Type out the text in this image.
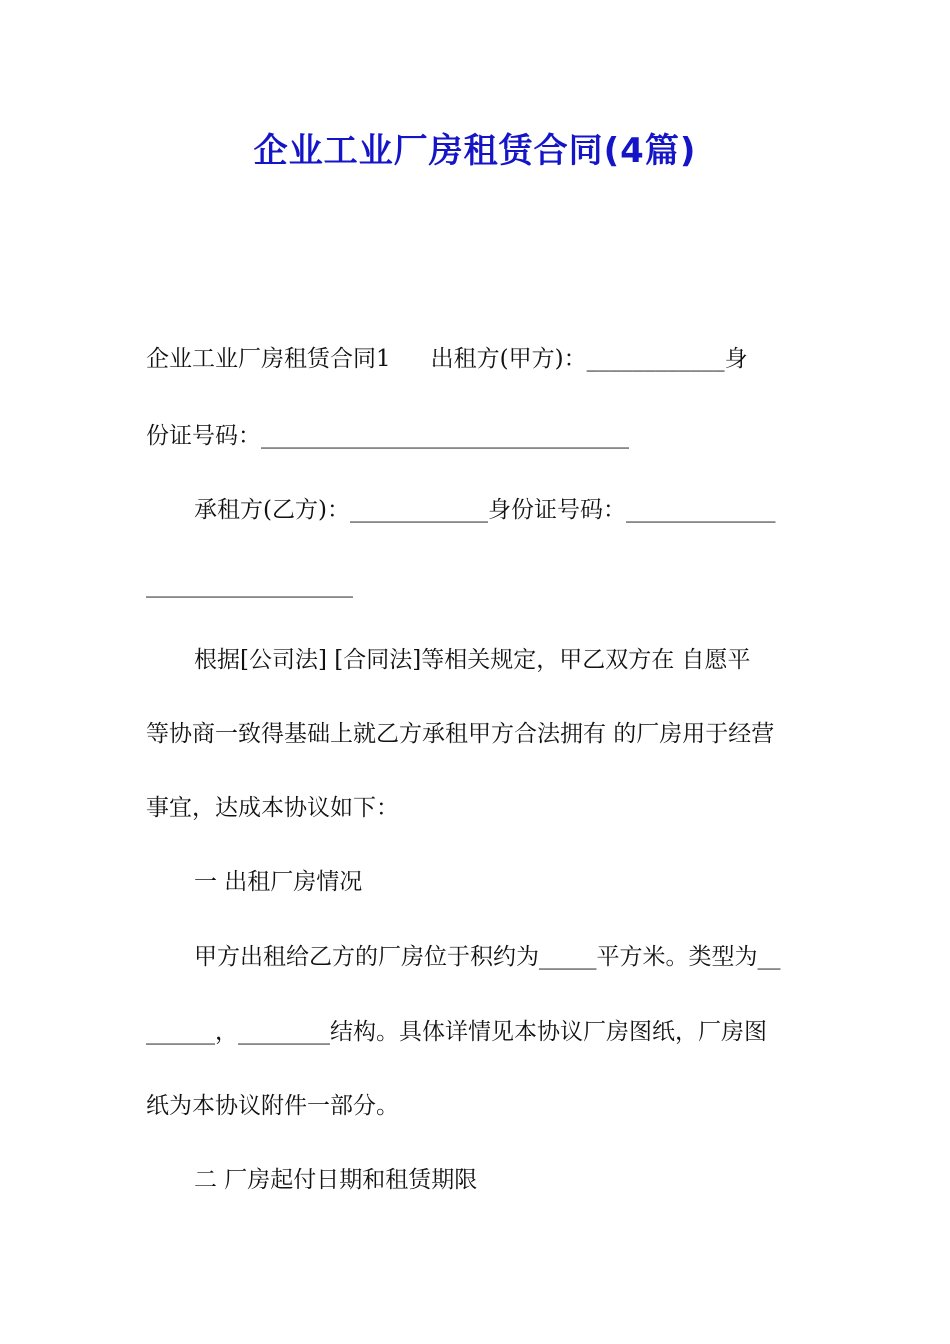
企业工业厂房租赁合同(4篇)

企业工业厂房租赁合同1 出租方(甲方)：____________身

份证号码：________________________________

承租方(乙方)：____________身份证号码：_____________

__________________

根据[公司法] [合同法]等相关规定，甲乙双方在 自愿平

等协商一致得基础上就乙方承租甲方合法拥有 的厂房用于经营

事宜，达成本协议如下：

一 出租厂房情况

甲方出租给乙方的厂房位于积约为_____平方米。类型为__

______，________结构。具体详情见本协议厂房图纸，厂房图

纸为本协议附件一部分。

二 厂房起付日期和租赁期限
